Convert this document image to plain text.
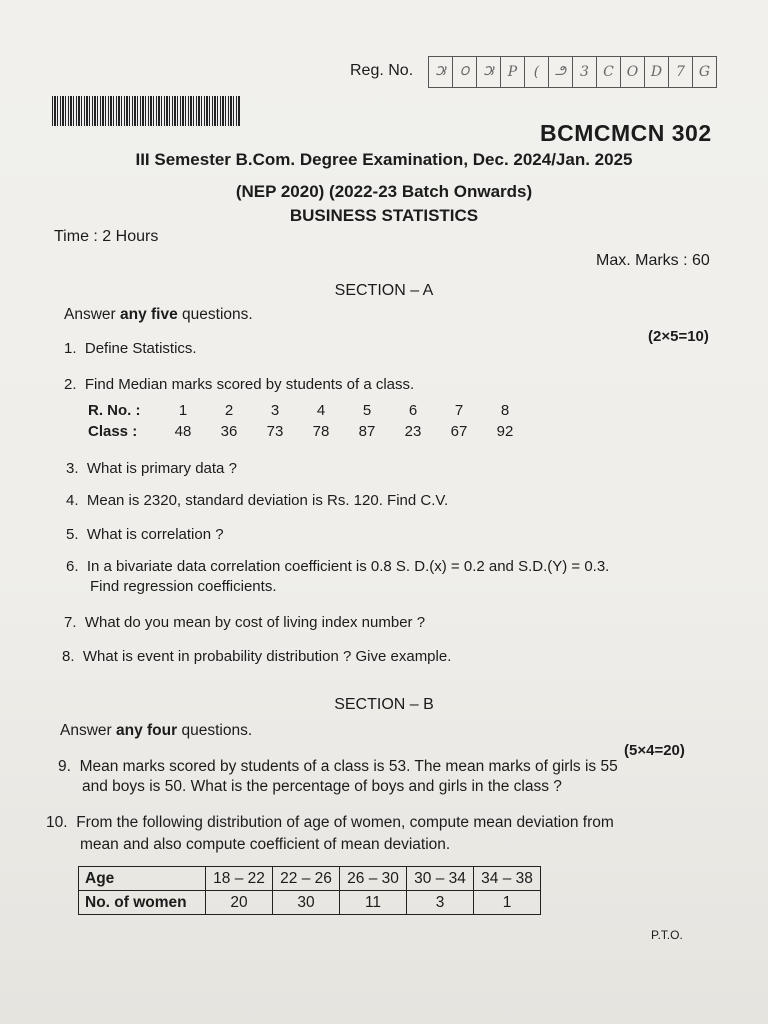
Reg. No.	౫	౦	౫	P	(	౨	3	C O D 7 G
BCMCMCN 302
III Semester B.Com. Degree Examination, Dec. 2024/Jan. 2025
(NEP 2020) (2022-23 Batch Onwards)
BUSINESS STATISTICS
Time : 2 Hours
Max. Marks : 60
SECTION – A
Answer any five questions.
(2×5=10)
1. Define Statistics.
2. Find Median marks scored by students of a class.
R. No. :	1	2	3	4	5	6	7	8
Class :	48	36	73	78	87	23	67	92
3. What is primary data ?
4. Mean is 2320, standard deviation is Rs. 120. Find C.V.
5. What is correlation ?
6. In a bivariate data correlation coefficient is 0.8 S. D.(x) = 0.2 and S.D.(Y) = 0.3.
Find regression coefficients.
7. What do you mean by cost of living index number ?
8. What is event in probability distribution ? Give example.
SECTION – B
Answer any four questions.
(5×4=20)
9. Mean marks scored by students of a class is 53. The mean marks of girls is 55
and boys is 50. What is the percentage of boys and girls in the class ?
10. From the following distribution of age of women, compute mean deviation from
mean and also compute coefficient of mean deviation.
Age	18 – 22	22 – 26	26 – 30	30 – 34	34 – 38
No. of women	20	30	11	3	1
P.T.O.
